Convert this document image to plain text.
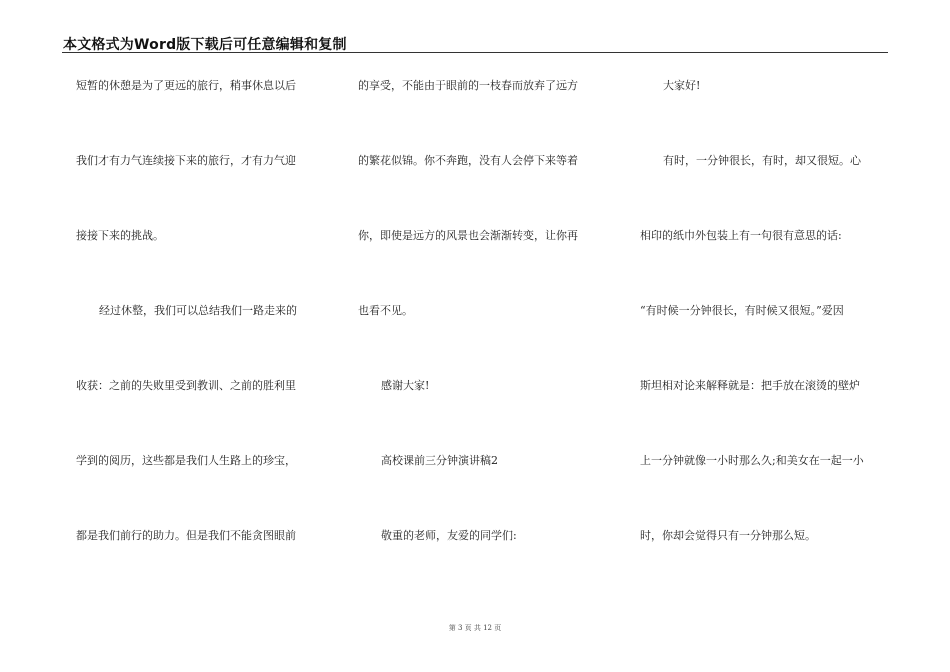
本文格式为Word版下载后可任意编辑和复制
短暂的休憩是为了更远的旅行，稍事休息以后
我们才有力气连续接下来的旅行，才有力气迎
接接下来的挑战。
经过休整，我们可以总结我们一路走来的
收获：之前的失败里受到教训、之前的胜利里
学到的阅历，这些都是我们人生路上的珍宝，
都是我们前行的助力。但是我们不能贪图眼前
的享受，不能由于眼前的一枝春而放弃了远方
的繁花似锦。你不奔跑，没有人会停下来等着
你，即使是远方的风景也会渐渐转变，让你再
也看不见。
感谢大家!
高校课前三分钟演讲稿2
敬重的老师，友爱的同学们:
大家好!
有时，一分钟很长，有时，却又很短。心
相印的纸巾外包装上有一句很有意思的话:
“有时候一分钟很长，有时候又很短。”爱因
斯坦相对论来解释就是：把手放在滚烫的壁炉
上一分钟就像一小时那么久;和美女在一起一小
时，你却会觉得只有一分钟那么短。
第 3 页 共 12 页
